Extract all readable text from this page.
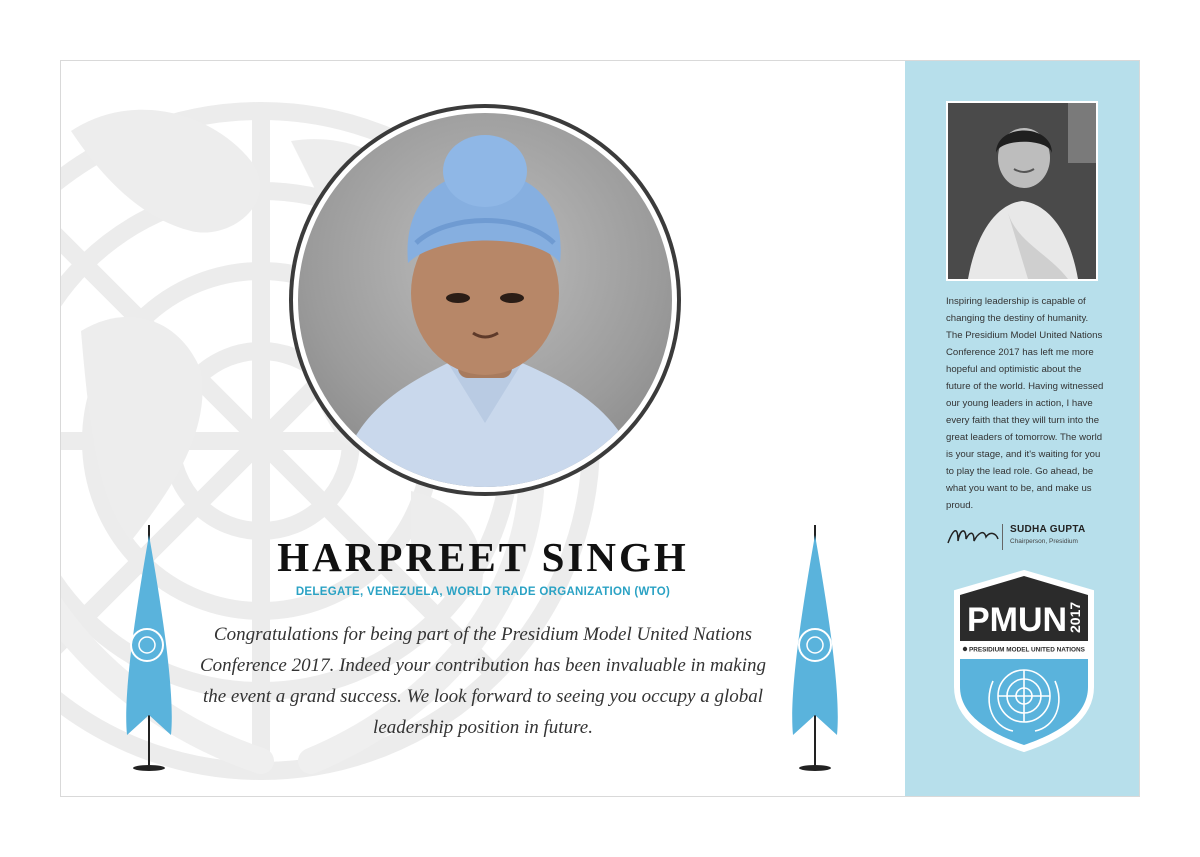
HARPREET SINGH
DELEGATE, VENEZUELA, WORLD TRADE ORGANIZATION (WTO)
Congratulations for being part of the Presidium Model United Nations Conference 2017. Indeed your contribution has been invaluable in making the event a grand success. We look forward to seeing you occupy a global leadership position in future.
Inspiring leadership is capable of changing the destiny of humanity. The Presidium Model United Nations Conference 2017 has left me more hopeful and optimistic about the future of the world. Having witnessed our young leaders in action, I have every faith that they will turn into the great leaders of tomorrow. The world is your stage, and it's waiting for you to play the lead role. Go ahead, be what you want to be, and make us proud.
SUDHA GUPTA
Chairperson, Presidium
PMUN 2017
PRESIDIUM MODEL UNITED NATIONS
